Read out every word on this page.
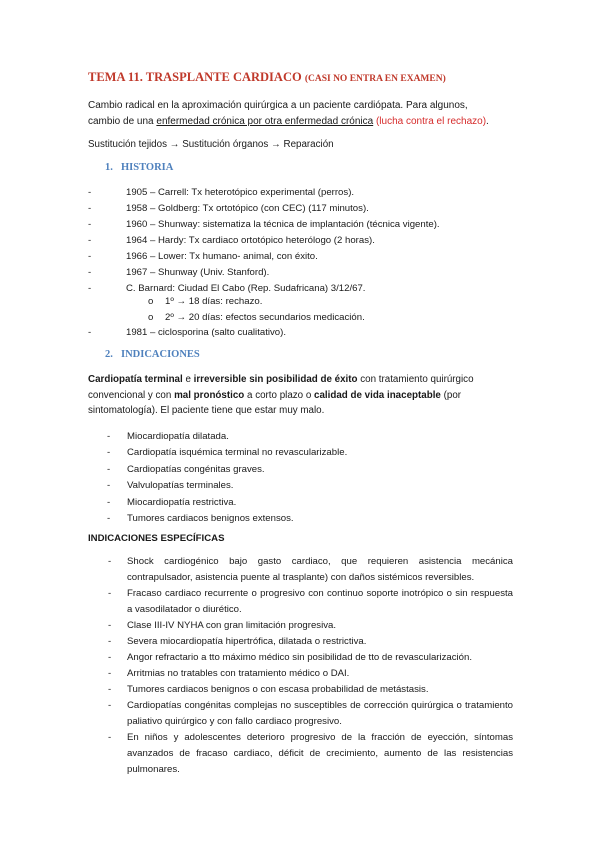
TEMA 11. TRASPLANTE CARDIACO (CASI NO ENTRA EN EXAMEN)
Cambio radical en la aproximación quirúrgica a un paciente cardiópata. Para algunos,
cambio de una enfermedad crónica por otra enfermedad crónica (lucha contra el rechazo).
Sustitución tejidos → Sustitución órganos → Reparación
1. HISTORIA
- 1905 – Carrell: Tx heterotópico experimental (perros).
- 1958 – Goldberg: Tx ortotópico (con CEC) (117 minutos).
- 1960 – Shunway: sistematiza la técnica de implantación (técnica vigente).
- 1964 – Hardy: Tx cardiaco ortotópico heterólogo (2 horas).
- 1966 – Lower: Tx humano- animal, con éxito.
- 1967 – Shunway (Univ. Stanford).
- C. Barnard: Ciudad El Cabo (Rep. Sudafricana) 3/12/67.
o 1º → 18 días: rechazo.
o 2º → 20 días: efectos secundarios medicación.
- 1981 – ciclosporina (salto cualitativo).
2. INDICACIONES
Cardiopatía terminal e irreversible sin posibilidad de éxito con tratamiento quirúrgico
convencional y con mal pronóstico a corto plazo o calidad de vida inaceptable (por
sintomatología). El paciente tiene que estar muy malo.
- Miocardiopatía dilatada.
- Cardiopatía isquémica terminal no revascularizable.
- Cardiopatías congénitas graves.
- Valvulopatías terminales.
- Miocardiopatía restrictiva.
- Tumores cardiacos benignos extensos.
INDICACIONES ESPECÍFICAS
- Shock cardiogénico bajo gasto cardiaco, que requieren asistencia mecánica contrapulsador, asistencia puente al trasplante) con daños sistémicos reversibles.
- Fracaso cardiaco recurrente o progresivo con continuo soporte inotrópico o sin respuesta a vasodilatador o diurético.
- Clase III-IV NYHA con gran limitación progresiva.
- Severa miocardiopatía hipertrófica, dilatada o restrictiva.
- Angor refractario a tto máximo médico sin posibilidad de tto de revascularización.
- Arritmias no tratables con tratamiento médico o DAI.
- Tumores cardiacos benignos o con escasa probabilidad de metástasis.
- Cardiopatías congénitas complejas no susceptibles de corrección quirúrgica o tratamiento paliativo quirúrgico y con fallo cardiaco progresivo.
- En niños y adolescentes deterioro progresivo de la fracción de eyección, síntomas avanzados de fracaso cardiaco, déficit de crecimiento, aumento de las resistencias pulmonares.
